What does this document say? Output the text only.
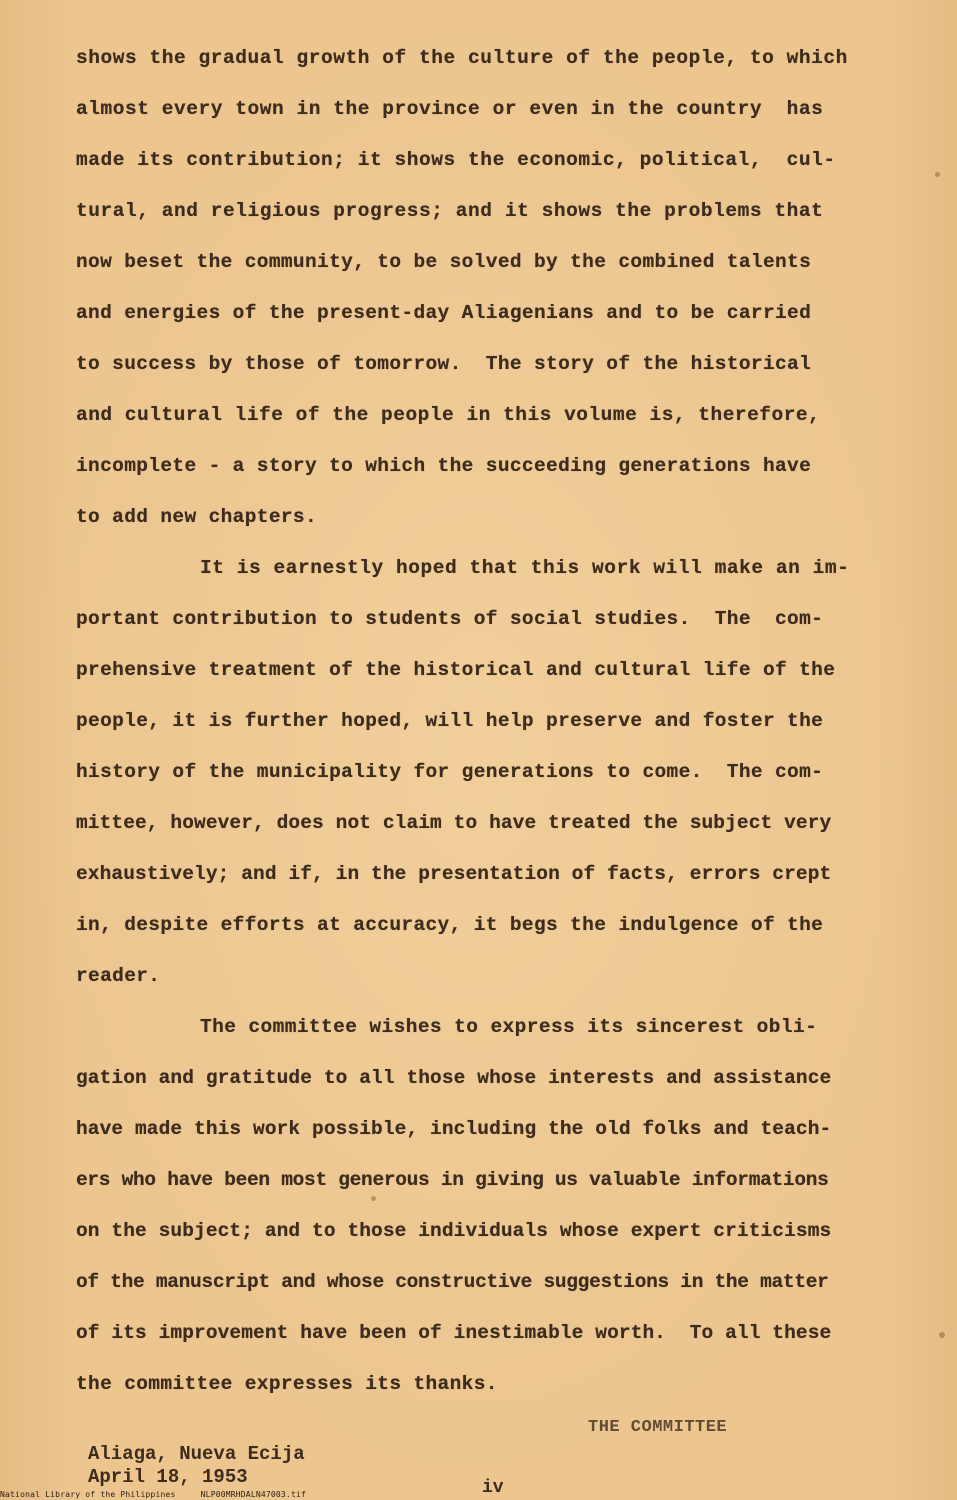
shows the gradual growth of the culture of the people, to which
almost every town in the province or even in the country  has
made its contribution; it shows the economic, political,  cul-
tural, and religious progress; and it shows the problems that
now beset the community, to be solved by the combined talents
and energies of the present-day Aliagenians and to be carried
to success by those of tomorrow.  The story of the historical
and cultural life of the people in this volume is, therefore,
incomplete - a story to which the succeeding generations have
to add new chapters.
It is earnestly hoped that this work will make an im-
portant contribution to students of social studies.  The  com-
prehensive treatment of the historical and cultural life of the
people, it is further hoped, will help preserve and foster the
history of the municipality for generations to come.  The com-
mittee, however, does not claim to have treated the subject very
exhaustively; and if, in the presentation of facts, errors crept
in, despite efforts at accuracy, it begs the indulgence of the
reader.
The committee wishes to express its sincerest obli-
gation and gratitude to all those whose interests and assistance
have made this work possible, including the old folks and teach-
ers who have been most generous in giving us valuable informations
on the subject; and to those individuals whose expert criticisms
of the manuscript and whose constructive suggestions in the matter
of its improvement have been of inestimable worth.  To all these
the committee expresses its thanks.
THE COMMITTEE
Aliaga, Nueva Ecija
April 18, 1953	iv
National Library of the Philippines     NLP00MRHDALN47003.tif
